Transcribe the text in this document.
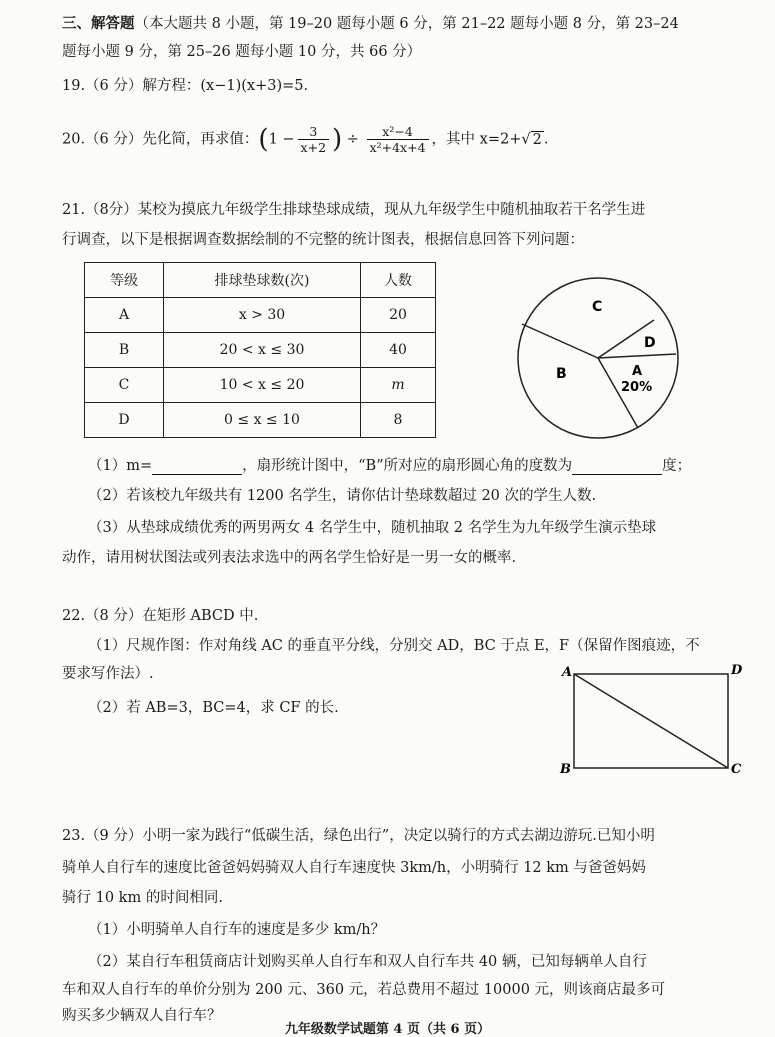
三、解答题（本大题共 8 小题，第 19–20 题每小题 6 分，第 21–22 题每小题 8 分，第 23–24
题每小题 9 分，第 25–26 题每小题 10 分，共 66 分）
19.（6 分）解方程：(x−1)(x+3)=5.
20.（6 分）先化简，再求值：($1 - \frac{3}{x+2}$ ) ÷ $\frac{\text{x²−4}}{\text{x²+4x+4}}$ ，其中 x=2+√ 2 .
21.（8分）某校为摸底九年级学生排球垫球成绩，现从九年级学生中随机抽取若干名学生进
行调查，以下是根据调查数据绘制的不完整的统计图表，根据信息回答下列问题：
等级	排球垫球数(次)	人数
A	x > 30	20
B	20 < x ≤ 30	40
C	10 < x ≤ 20	m
D	0 ≤ x ≤ 10	8
C
D
A
20%
B
（1）m=	，扇形统计图中，“B”所对应的扇形圆心角的度数为	度；
（2）若该校九年级共有 1200 名学生，请你估计垫球数超过 20 次的学生人数.
（3）从垫球成绩优秀的两男两女 4 名学生中，随机抽取 2 名学生为九年级学生演示垫球
动作，请用树状图法或列表法求选中的两名学生恰好是一男一女的概率.
22.（8 分）在矩形 ABCD 中.
（1）尺规作图：作对角线 AC 的垂直平分线，分别交 AD，BC 于点 E，F（保留作图痕迹，不
要求写作法）.
（2）若 AB=3，BC=4，求 CF 的长.
A	D
B	C
23.（9 分）小明一家为践行“低碳生活，绿色出行”，决定以骑行的方式去湖边游玩.已知小明
骑单人自行车的速度比爸爸妈妈骑双人自行车速度快 3km/h，小明骑行 12 km 与爸爸妈妈
骑行 10 km 的时间相同.
（1）小明骑单人自行车的速度是多少 km/h？
（2）某自行车租赁商店计划购买单人自行车和双人自行车共 40 辆，已知每辆单人自行
车和双人自行车的单价分别为 200 元、360 元，若总费用不超过 10000 元，则该商店最多可
购买多少辆双人自行车？
九年级数学试题第 4 页（共 6 页）
